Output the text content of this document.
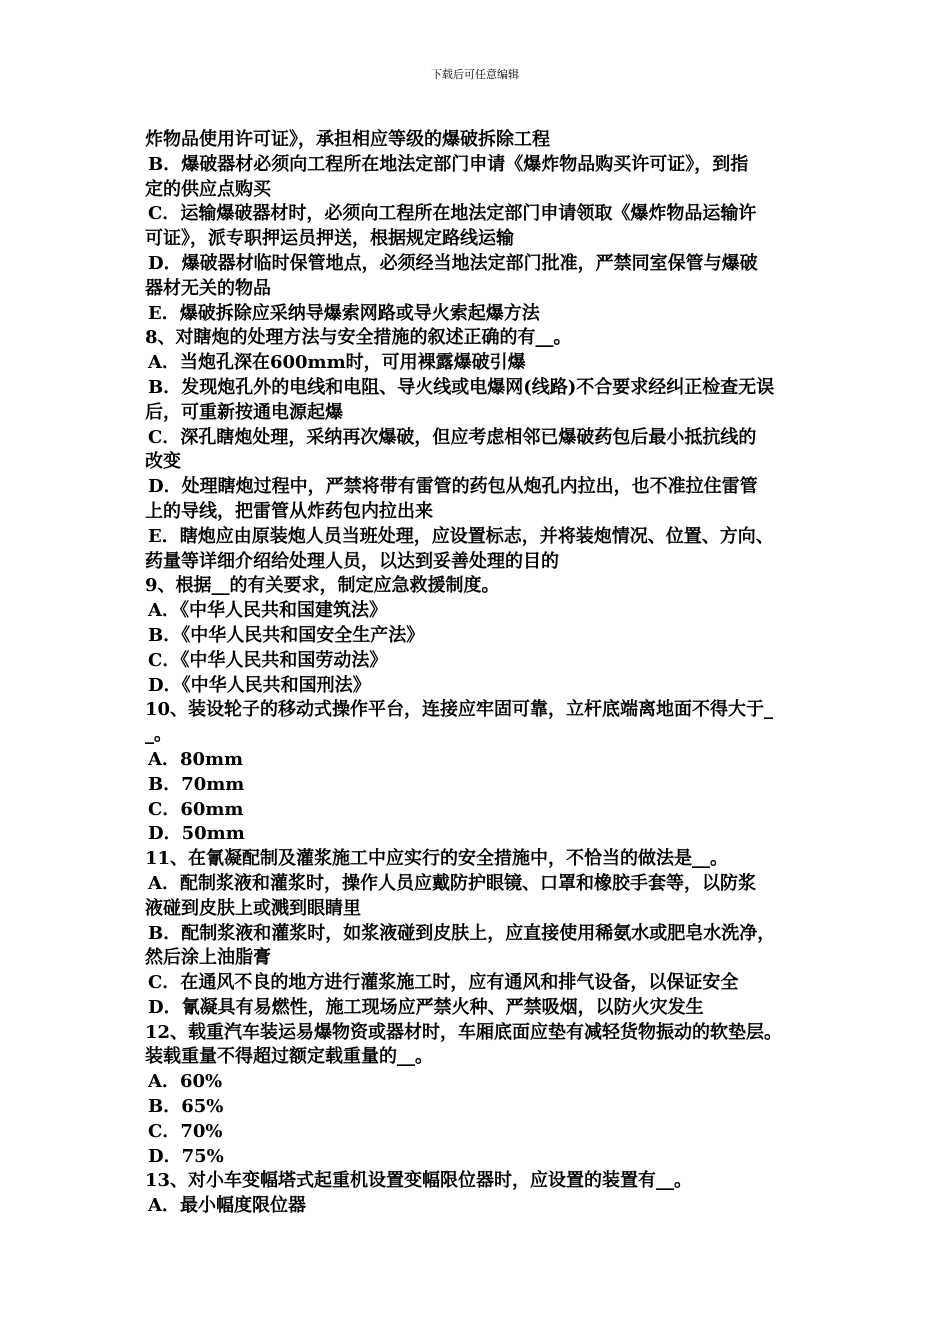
下载后可任意编辑
炸物品使用许可证》，承担相应等级的爆破拆除工程
B．爆破器材必须向工程所在地法定部门申请《爆炸物品购买许可证》，到指
定的供应点购买
C．运输爆破器材时，必须向工程所在地法定部门申请领取《爆炸物品运输许
可证》，派专职押运员押送，根据规定路线运输
D．爆破器材临时保管地点，必须经当地法定部门批准，严禁同室保管与爆破
器材无关的物品
E．爆破拆除应采纳导爆索网路或导火索起爆方法
8、对瞎炮的处理方法与安全措施的叙述正确的有__。
A．当炮孔深在600mm时，可用裸露爆破引爆
B．发现炮孔外的电线和电阻、导火线或电爆网(线路)不合要求经纠正检查无误
后，可重新按通电源起爆
C．深孔瞎炮处理，采纳再次爆破，但应考虑相邻已爆破药包后最小抵抗线的
改变
D．处理瞎炮过程中，严禁将带有雷管的药包从炮孔内拉出，也不准拉住雷管
上的导线，把雷管从炸药包内拉出来
E．瞎炮应由原装炮人员当班处理，应设置标志，并将装炮情况、位置、方向、
药量等详细介绍给处理人员，以达到妥善处理的目的
9、根据__的有关要求，制定应急救援制度。
A．《中华人民共和国建筑法》
B．《中华人民共和国安全生产法》
C．《中华人民共和国劳动法》
D．《中华人民共和国刑法》
10、装设轮子的移动式操作平台，连接应牢固可靠，立杆底端离地面不得大于_
_。
A．80mm
B．70mm
C．60mm
D．50mm
11、在氰凝配制及灌浆施工中应实行的安全措施中，不恰当的做法是__。
A．配制浆液和灌浆时，操作人员应戴防护眼镜、口罩和橡胶手套等，以防浆
液碰到皮肤上或溅到眼睛里
B．配制浆液和灌浆时，如浆液碰到皮肤上，应直接使用稀氨水或肥皂水洗净，
然后涂上油脂膏
C．在通风不良的地方进行灌浆施工时，应有通风和排气设备，以保证安全
D．氰凝具有易燃性，施工现场应严禁火种、严禁吸烟，以防火灾发生
12、载重汽车装运易爆物资或器材时，车厢底面应垫有减轻货物振动的软垫层。
装载重量不得超过额定载重量的__。
A．60%
B．65%
C．70%
D．75%
13、对小车变幅塔式起重机设置变幅限位器时，应设置的装置有__。
A．最小幅度限位器
